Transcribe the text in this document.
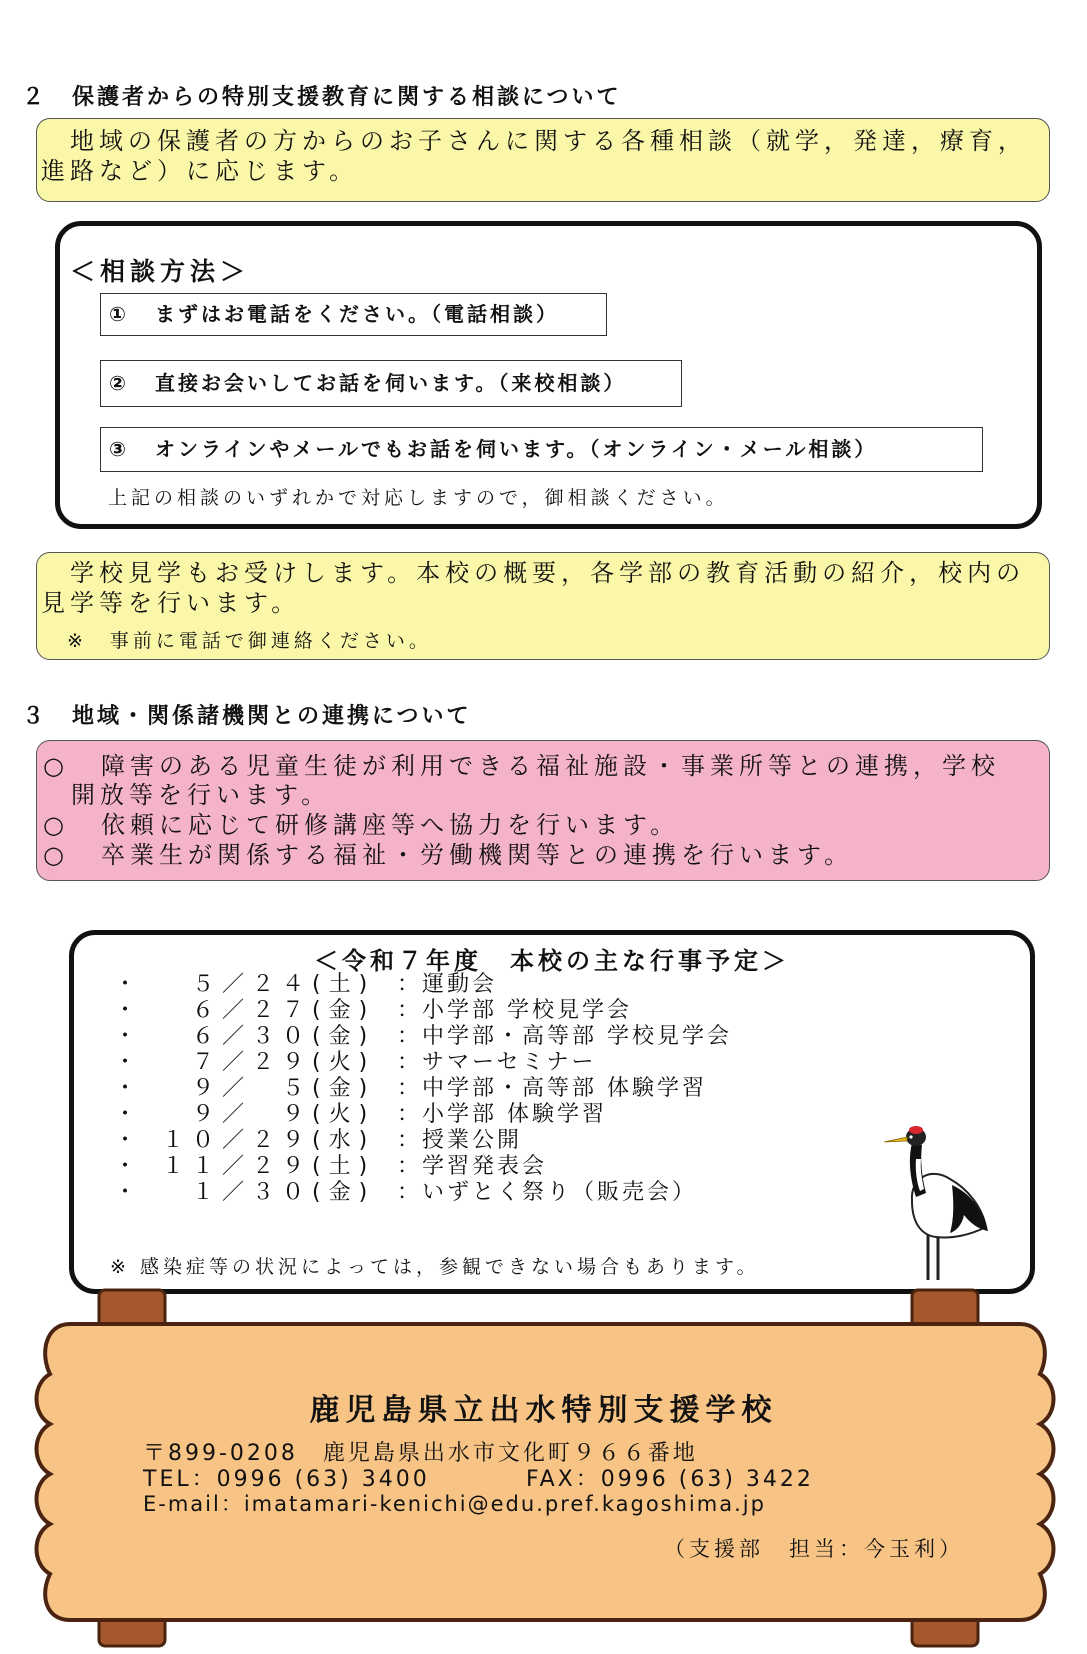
２　保護者からの特別支援教育に関する相談について
　地域の保護者の方からのお子さんに関する各種相談（就学，発達，療育，
進路など）に応じます。
＜相談方法＞
① まずはお電話をください。（電話相談）
② 直接お会いしてお話を伺います。（来校相談）
③ オンラインやメールでもお話を伺います。（オンライン・メール相談）
上記の相談のいずれかで対応しますので，御相談ください。
　学校見学もお受けします。本校の概要，各学部の教育活動の紹介，校内の
見学等を行います。
※　事前に電話で御連絡ください。
３　地域・関係諸機関との連携について
○ 障害のある児童生徒が利用できる福祉施設・事業所等との連携，学校
開放等を行います。
○ 依頼に応じて研修講座等へ協力を行います。
○ 卒業生が関係する福祉・労働機関等との連携を行います。
＜令和７年度　本校の主な行事予定＞
・　５／２４(土) ：運動会
・　６／２７(金) ：小学部 学校見学会
・　６／３０(金) ：中学部・高等部 学校見学会
・　７／２９(火) ：サマーセミナー
・　９／　５(金) ：中学部・高等部 体験学習
・　９／　９(火) ：小学部 体験学習
・ １０／２９(水) ：授業公開
・ １１／２９(土) ：学習発表会
・　１／３０(金) ：いずとく祭り（販売会）
※ 感染症等の状況によっては，参観できない場合もあります。
鹿児島県立出水特別支援学校
〒899-0208　鹿児島県出水市文化町９６６番地
TEL：0996 (63) 3400	FAX：0996 (63) 3422
E-mail：imatamari-kenichi@edu.pref.kagoshima.jp
（支援部　担当：今玉利）
